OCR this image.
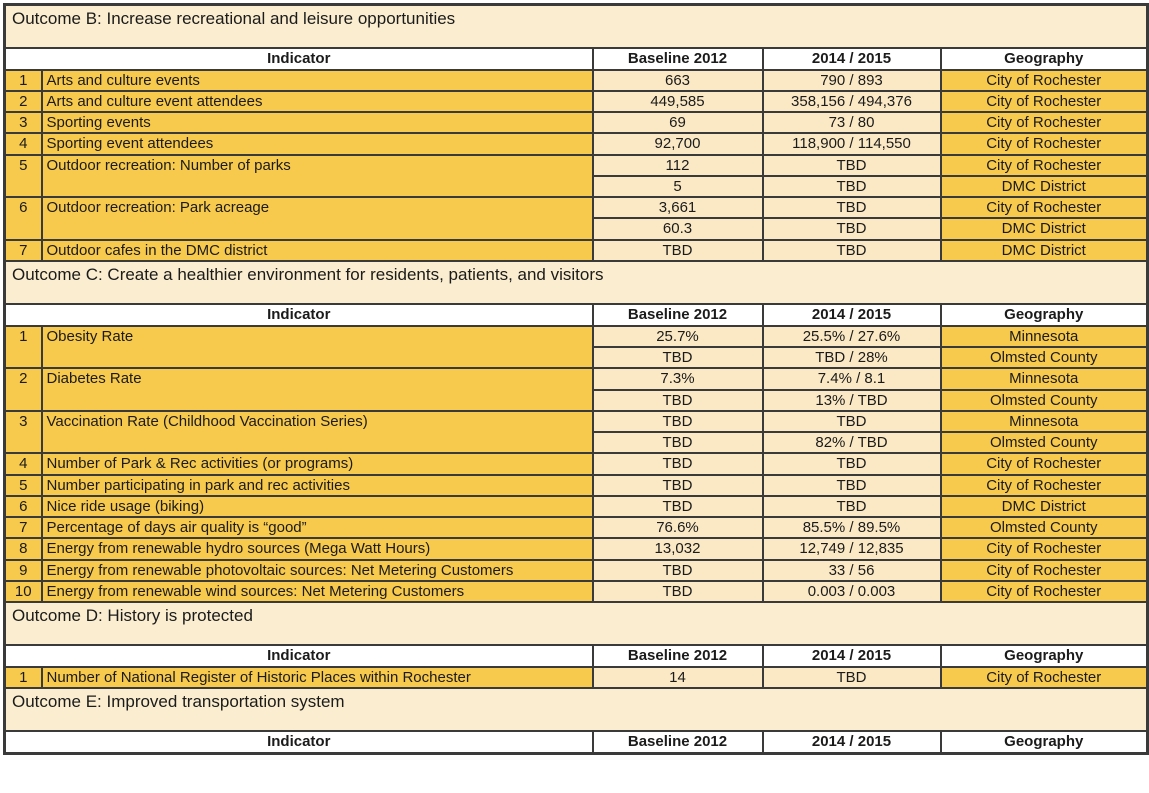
Outcome B: Increase recreational and leisure opportunities				
Indicator		Baseline 2012	2014 / 2015	Geography
1	Arts and culture events	663	790 / 893	City of Rochester
2	Arts and culture event attendees	449,585	358,156 / 494,376	City of Rochester
3	Sporting events	69	73 / 80	City of Rochester
4	Sporting event attendees	92,700	118,900 / 114,550	City of Rochester
5	Outdoor recreation: Number of parks	112	TBD	City of Rochester
		5	TBD	DMC District
6	Outdoor recreation: Park acreage	3,661	TBD	City of Rochester
		60.3	TBD	DMC District
7	Outdoor cafes in the DMC district	TBD	TBD	DMC District
Outcome C: Create a healthier environment for residents, patients, and visitors				
Indicator		Baseline 2012	2014 / 2015	Geography
1	Obesity Rate	25.7%	25.5% / 27.6%	Minnesota
		TBD	TBD / 28%	Olmsted County
2	Diabetes Rate	7.3%	7.4% / 8.1	Minnesota
		TBD	13% / TBD	Olmsted County
3	Vaccination Rate (Childhood Vaccination Series)	TBD	TBD	Minnesota
		TBD	82% / TBD	Olmsted County
4	Number of Park & Rec activities (or programs)	TBD	TBD	City of Rochester
5	Number participating in park and rec activities	TBD	TBD	City of Rochester
6	Nice ride usage (biking)	TBD	TBD	DMC District
7	Percentage of days air quality is “good”	76.6%	85.5% / 89.5%	Olmsted County
8	Energy from renewable hydro sources (Mega Watt Hours)	13,032	12,749 / 12,835	City of Rochester
9	Energy from renewable photovoltaic sources: Net Metering Customers	TBD	33 / 56	City of Rochester
10	Energy from renewable wind sources: Net Metering Customers	TBD	0.003 / 0.003	City of Rochester
Outcome D: History is protected				
Indicator		Baseline 2012	2014 / 2015	Geography
1	Number of National Register of Historic Places within Rochester	14	TBD	City of Rochester
Outcome E: Improved transportation system				
Indicator		Baseline 2012	2014 / 2015	Geography
